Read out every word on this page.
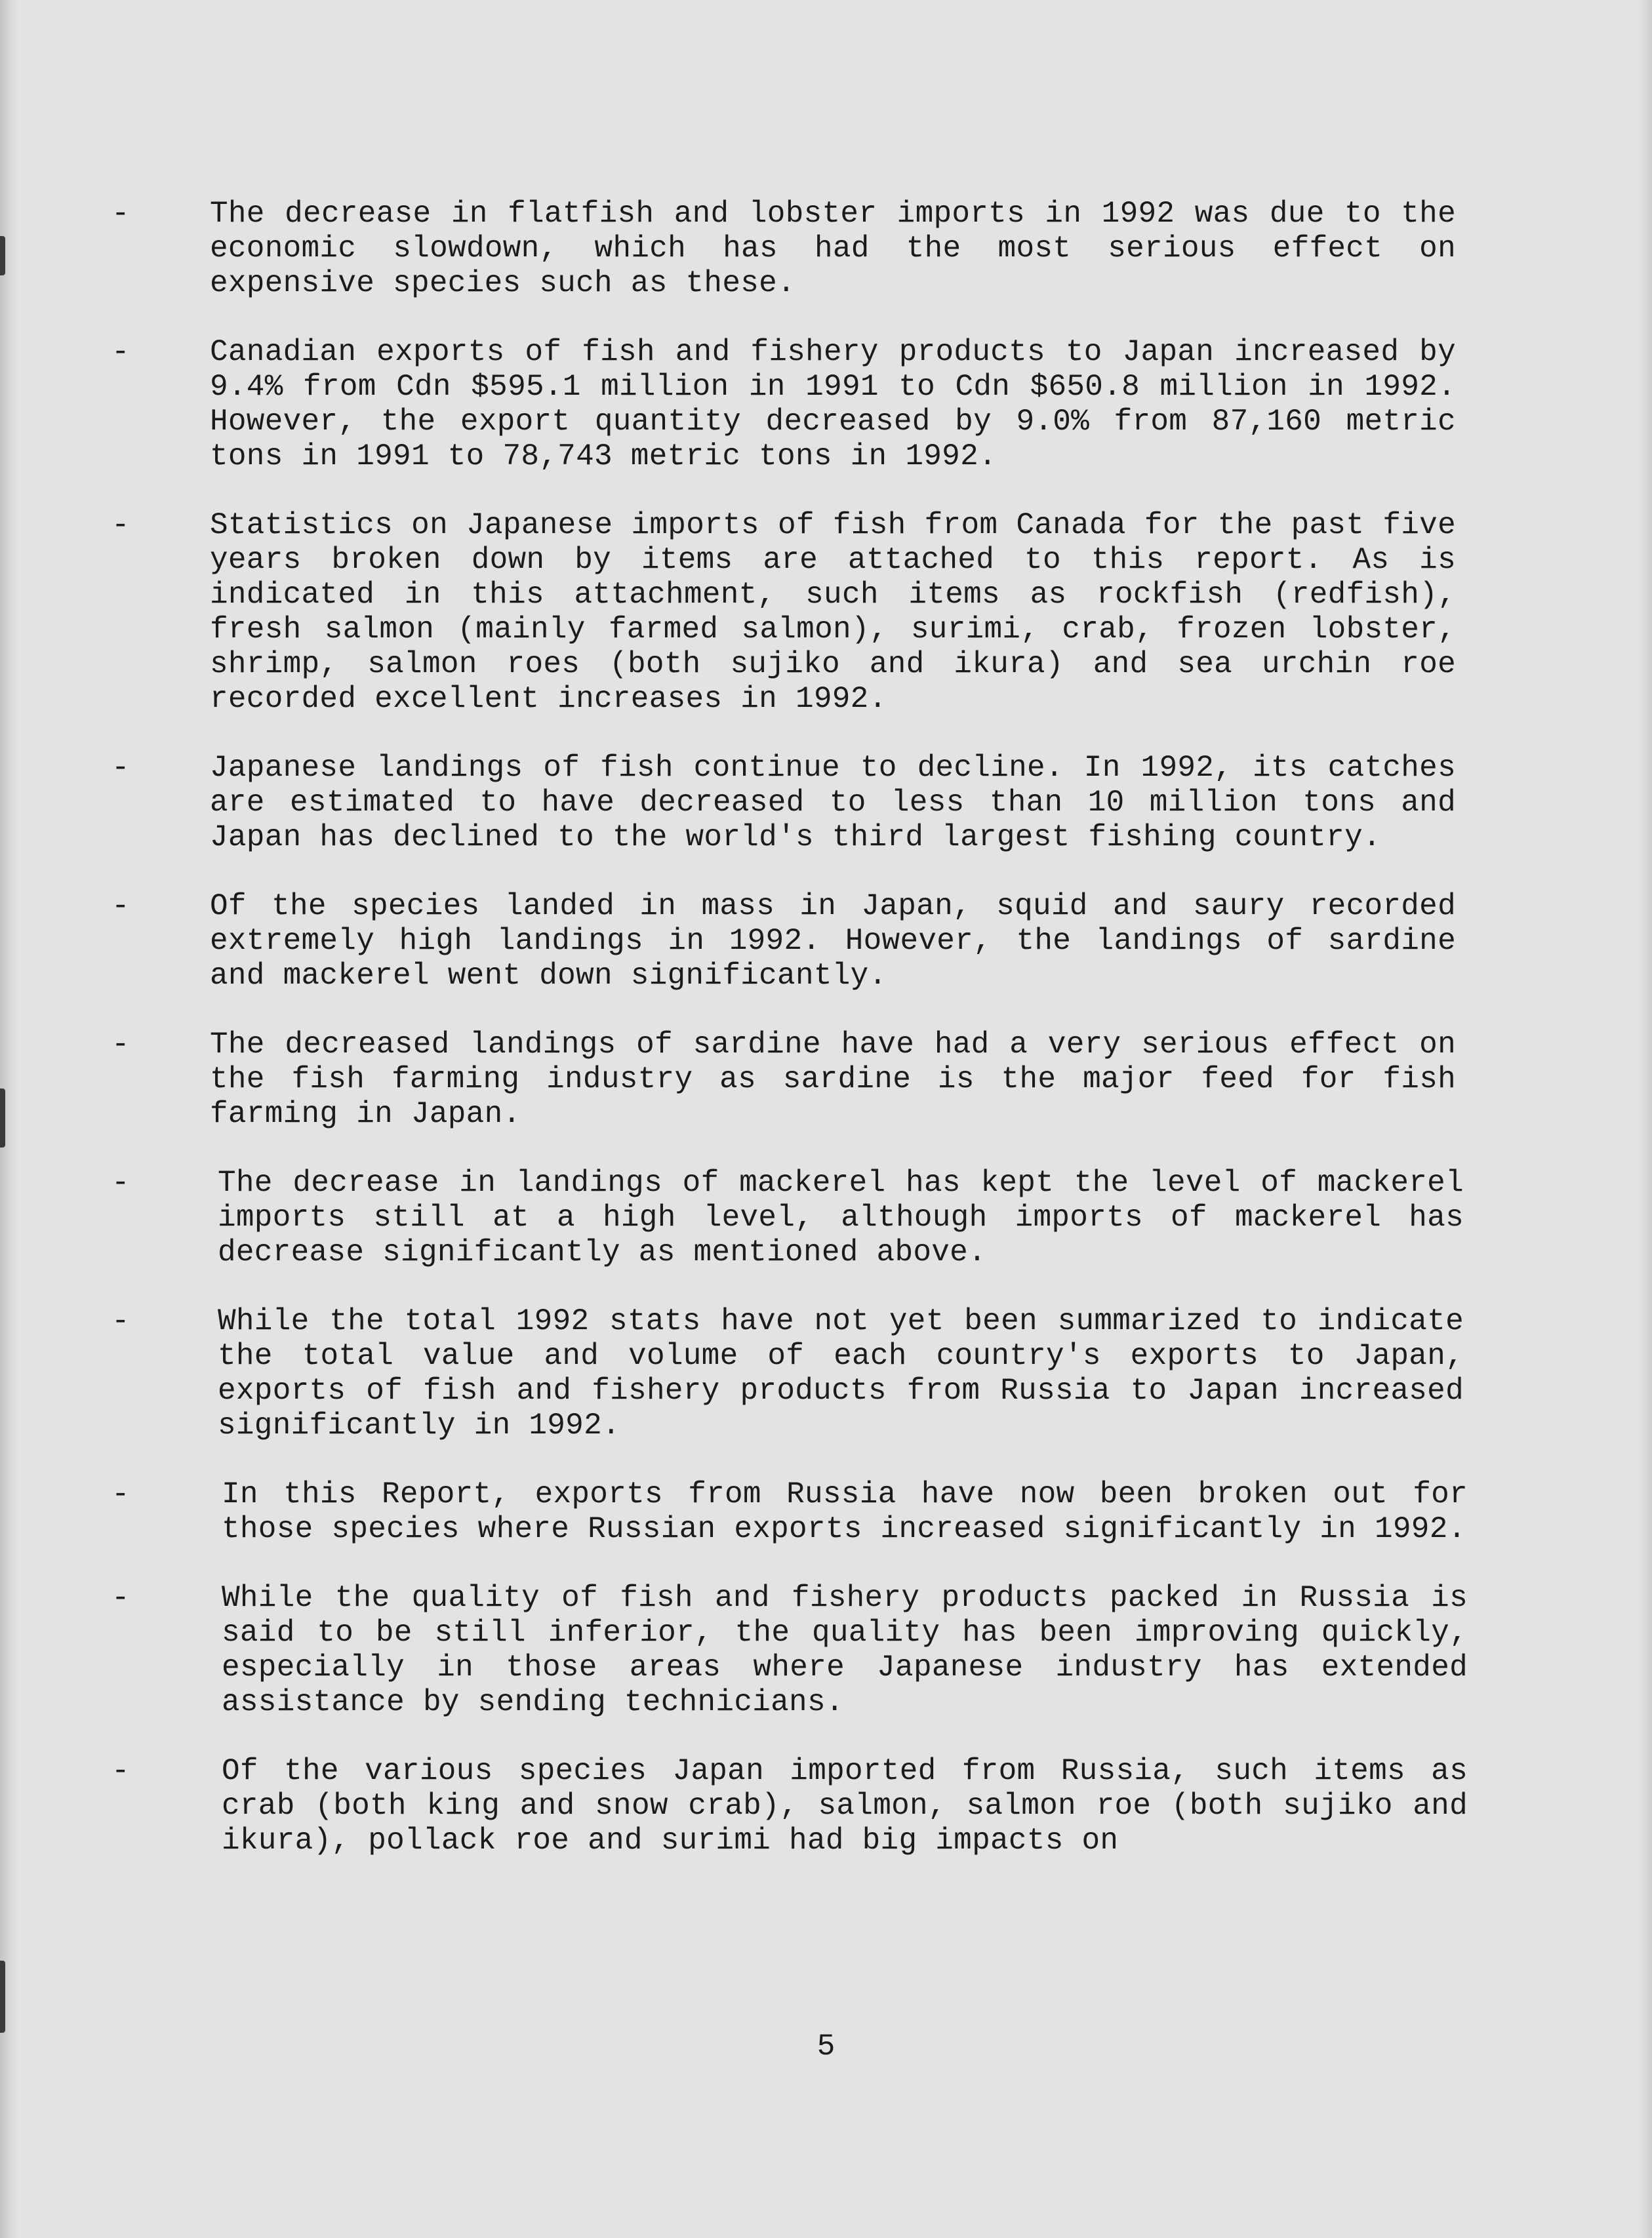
-	The decrease in flatfish and lobster imports in 1992 was due to the economic slowdown, which has had the most serious effect on expensive species such as these.
-	Canadian exports of fish and fishery products to Japan increased by 9.4% from Cdn $595.1 million in 1991 to Cdn $650.8 million in 1992. However, the export quantity decreased by 9.0% from 87,160 metric tons in 1991 to 78,743 metric tons in 1992.
-	Statistics on Japanese imports of fish from Canada for the past five years broken down by items are attached to this report. As is indicated in this attachment, such items as rockfish (redfish), fresh salmon (mainly farmed salmon), surimi, crab, frozen lobster, shrimp, salmon roes (both sujiko and ikura) and sea urchin roe recorded excellent increases in 1992.
-	Japanese landings of fish continue to decline. In 1992, its catches are estimated to have decreased to less than 10 million tons and Japan has declined to the world's third largest fishing country.
-	Of the species landed in mass in Japan, squid and saury recorded extremely high landings in 1992. However, the landings of sardine and mackerel went down significantly.
-	The decreased landings of sardine have had a very serious effect on the fish farming industry as sardine is the major feed for fish farming in Japan.
-	The decrease in landings of mackerel has kept the level of mackerel imports still at a high level, although imports of mackerel has decrease significantly as mentioned above.
-	While the total 1992 stats have not yet been summarized to indicate the total value and volume of each country's exports to Japan, exports of fish and fishery products from Russia to Japan increased significantly in 1992.
-	In this Report, exports from Russia have now been broken out for those species where Russian exports increased significantly in 1992.
-	While the quality of fish and fishery products packed in Russia is said to be still inferior, the quality has been improving quickly, especially in those areas where Japanese industry has extended assistance by sending technicians.
-	Of the various species Japan imported from Russia, such items as crab (both king and snow crab), salmon, salmon roe (both sujiko and ikura), pollack roe and surimi had big impacts on
5
